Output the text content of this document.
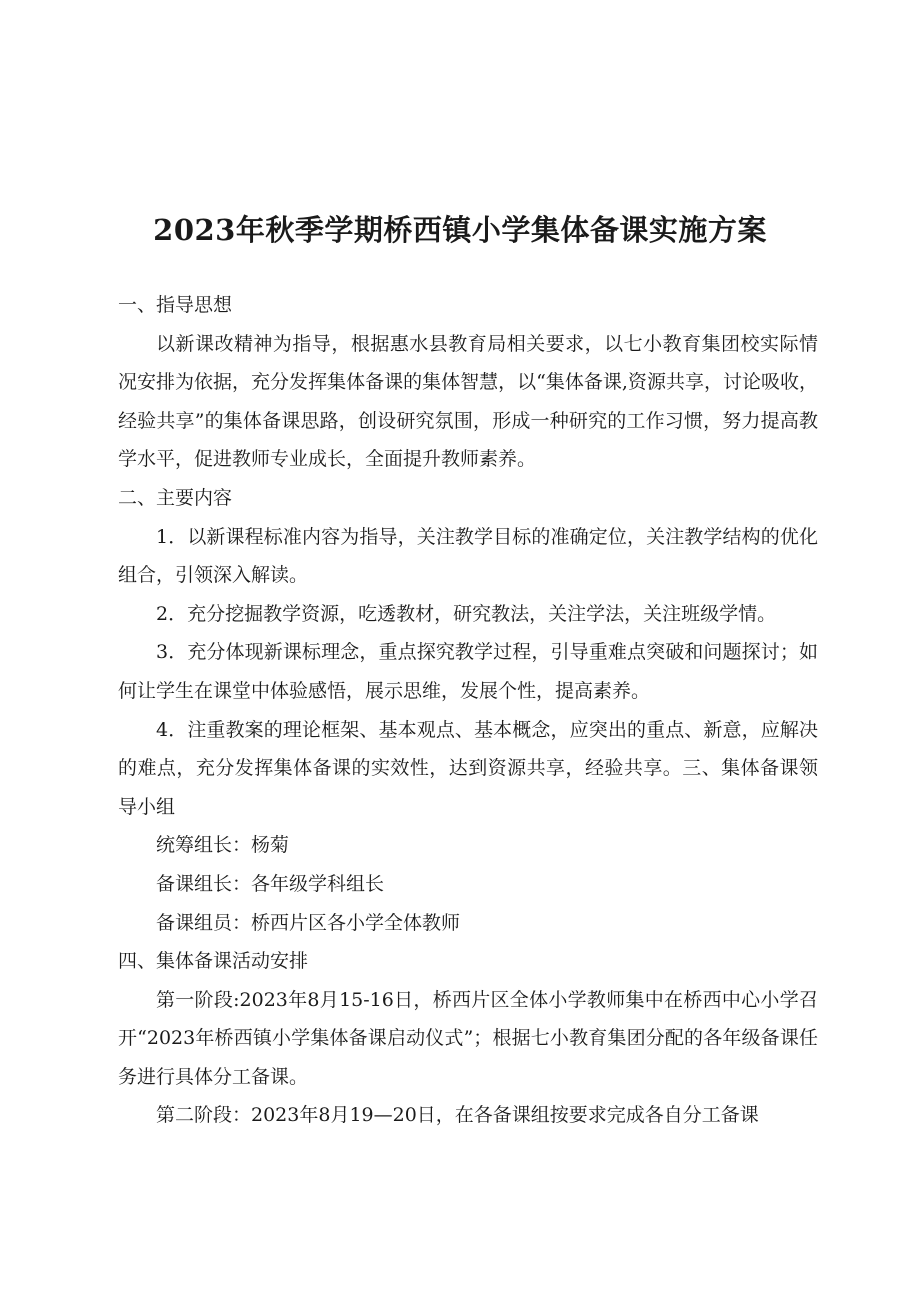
2023年秋季学期桥西镇小学集体备课实施方案

一、指导思想

以新课改精神为指导，根据惠水县教育局相关要求，以七小教育集团校实际情况安排为依据，充分发挥集体备课的集体智慧，以“集体备课,资源共享，讨论吸收，经验共享”的集体备课思路，创设研究氛围，形成一种研究的工作习惯，努力提高教学水平，促进教师专业成长，全面提升教师素养。

二、主要内容

1．以新课程标准内容为指导，关注教学目标的准确定位，关注教学结构的优化组合，引领深入解读。

2．充分挖掘教学资源，吃透教材，研究教法，关注学法，关注班级学情。

3．充分体现新课标理念，重点探究教学过程，引导重难点突破和问题探讨；如何让学生在课堂中体验感悟，展示思维，发展个性，提高素养。

4．注重教案的理论框架、基本观点、基本概念，应突出的重点、新意，应解决的难点，充分发挥集体备课的实效性，达到资源共享，经验共享。三、集体备课领导小组

统筹组长：杨菊

备课组长：各年级学科组长

备课组员：桥西片区各小学全体教师

四、集体备课活动安排

第一阶段:2023年8月15-16日，桥西片区全体小学教师集中在桥西中心小学召开“2023年桥西镇小学集体备课启动仪式”；根据七小教育集团分配的各年级备课任务进行具体分工备课。

第二阶段：2023年8月19—20日，在各备课组按要求完成各自分工备课
